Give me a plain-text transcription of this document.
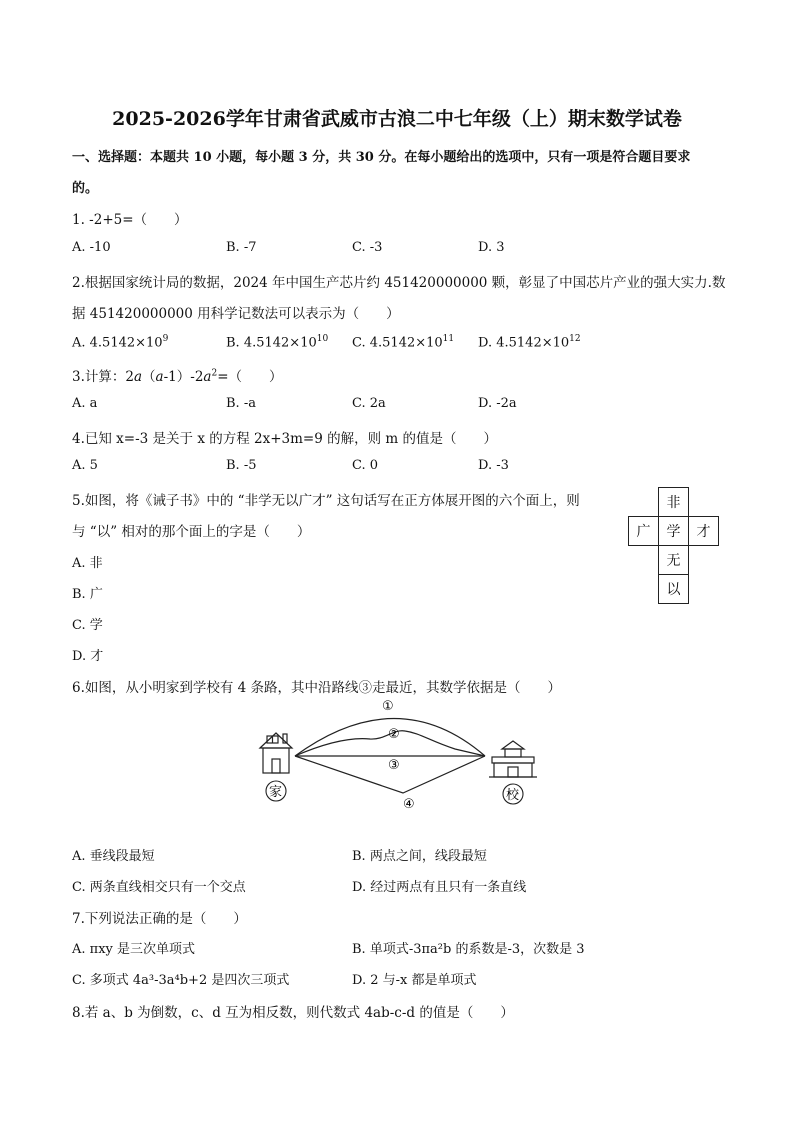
2025-2026学年甘肃省武威市古浪二中七年级（上）期末数学试卷
一、选择题：本题共 10 小题，每小题 3 分，共 30 分。在每小题给出的选项中，只有一项是符合题目要求
的。
1. -2+5=（　　）
A. -10	B. -7	C. -3	D. 3
2.根据国家统计局的数据，2024 年中国生产芯片约 451420000000 颗，彰显了中国芯片产业的强大实力.数
据 451420000000 用科学记数法可以表示为（　　）
A. $4.5142\times 10^9$	B. $4.5142\times 10^{10}$ C. $4.5142\times 10^{11}$ D. $4.5142\times 10^{12}$
3.计算：$2a(a-1)-2a^2=$（　　）
A. a	B. -a	C. 2a	D. -2a
4.已知 x=-3 是关于 x 的方程 2x+3m=9 的解，则 m 的值是（　　）
A. 5	B. -5	C. 0	D. -3
5.如图，将《诫子书》中的 “非学无以广才” 这句话写在正方体展开图的六个面上，则
与 “以” 相对的那个面上的字是（　　）
A. 非
B. 广
C. 学
D. 才
非
广	学	才
无
以
6.如图，从小明家到学校有 4 条路，其中沿路线③走最近，其数学依据是（　　）
①
②
③
④
家	校
A. 垂线段最短	B. 两点之间，线段最短
C. 两条直线相交只有一个交点	D. 经过两点有且只有一条直线
7.下列说法正确的是（　　）
A. πxy 是三次单项式	B. 单项式-3πa²b 的系数是-3，次数是 3
C. 多项式 4a³-3a⁴b+2 是四次三项式	D. 2 与-x 都是单项式
8.若 a、b 为倒数，c、d 互为相反数，则代数式 4ab-c-d 的值是（　　）
